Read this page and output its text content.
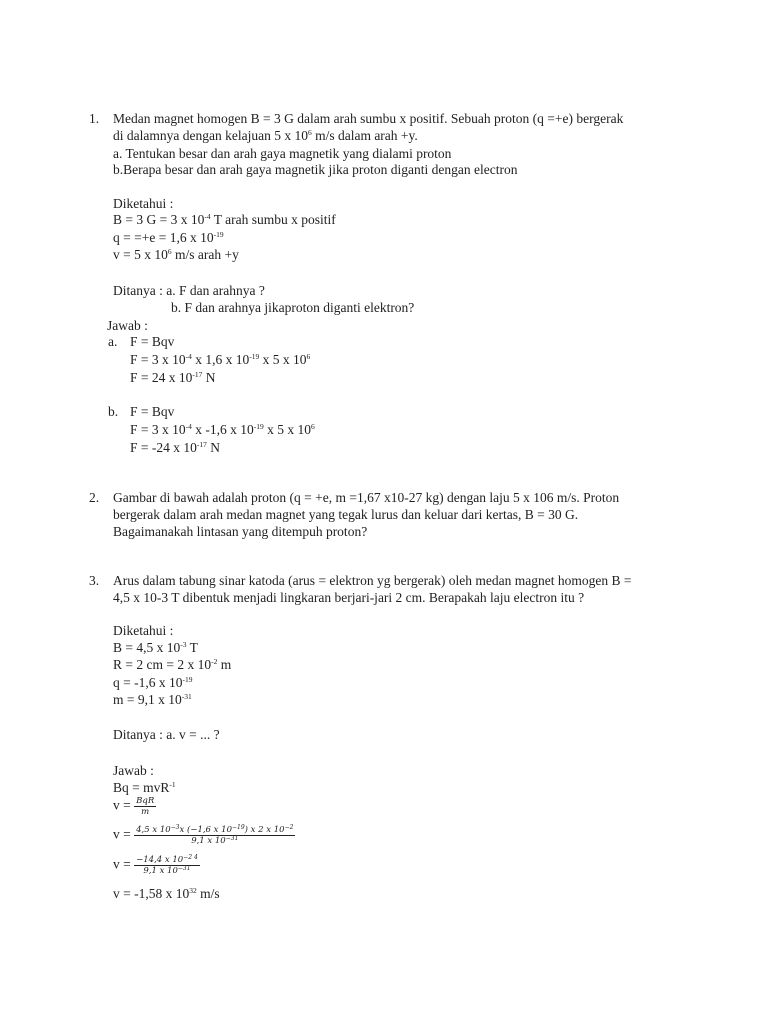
1. Medan magnet homogen B = 3 G dalam arah sumbu x positif. Sebuah proton (q =+e) bergerak
di dalamnya dengan kelajuan 5 x $10^6$ m/s dalam arah +y.
a. Tentukan besar dan arah gaya magnetik yang dialami proton
b.Berapa besar dan arah gaya magnetik jika proton diganti dengan electron
Diketahui :
B = 3 G = 3 x $10^{-4}$ T arah sumbu x positif
q = =+e = 1,6 x $10^{-19}$
v = 5 x $10^6$ m/s arah +y
Ditanya : a. F dan arahnya ?
b. F dan arahnya jikaproton diganti elektron?
Jawab :
a. F = Bqv
F = 3 x $10^{-4}$ x 1,6 x $10^{-19}$ x 5 x $10^6$
F = 24 x $10^{-17}$ N
b. F = Bqv
F = 3 x $10^{-4}$ x -1,6 x $10^{-19}$ x 5 x $10^6$
F = -24 x $10^{-17}$ N
2. Gambar di bawah adalah proton (q = +e, m =1,67 x10-27 kg) dengan laju 5 x 106 m/s. Proton
bergerak dalam arah medan magnet yang tegak lurus dan keluar dari kertas, B = 30 G.
Bagaimanakah lintasan yang ditempuh proton?
3. Arus dalam tabung sinar katoda (arus = elektron yg bergerak) oleh medan magnet homogen B =
4,5 x 10-3 T dibentuk menjadi lingkaran berjari-jari 2 cm. Berapakah laju electron itu ?
Diketahui :
B = 4,5 x $10^{-3}$ T
R = 2 cm = 2 x $10^{-2}$ m
q = -1,6 x $10^{-19}$
m = 9,1 x $10^{-31}$
Ditanya : a. v = ... ?
Jawab :
Bq = mvR$^{-1}$
$v = \frac{\text{BqR}}{m}$
$v = \frac{4,5 x 10^{-3}x (-1,6 x 10^{-19}) x 2 x 10^{-2}}{9,1 x 10^{-31}}$
$v = \frac{-14,4 x 10^{-2 4}}{9,1 x 10^{-31}}$
v = -1,58 x $10^{32}$ m/s
